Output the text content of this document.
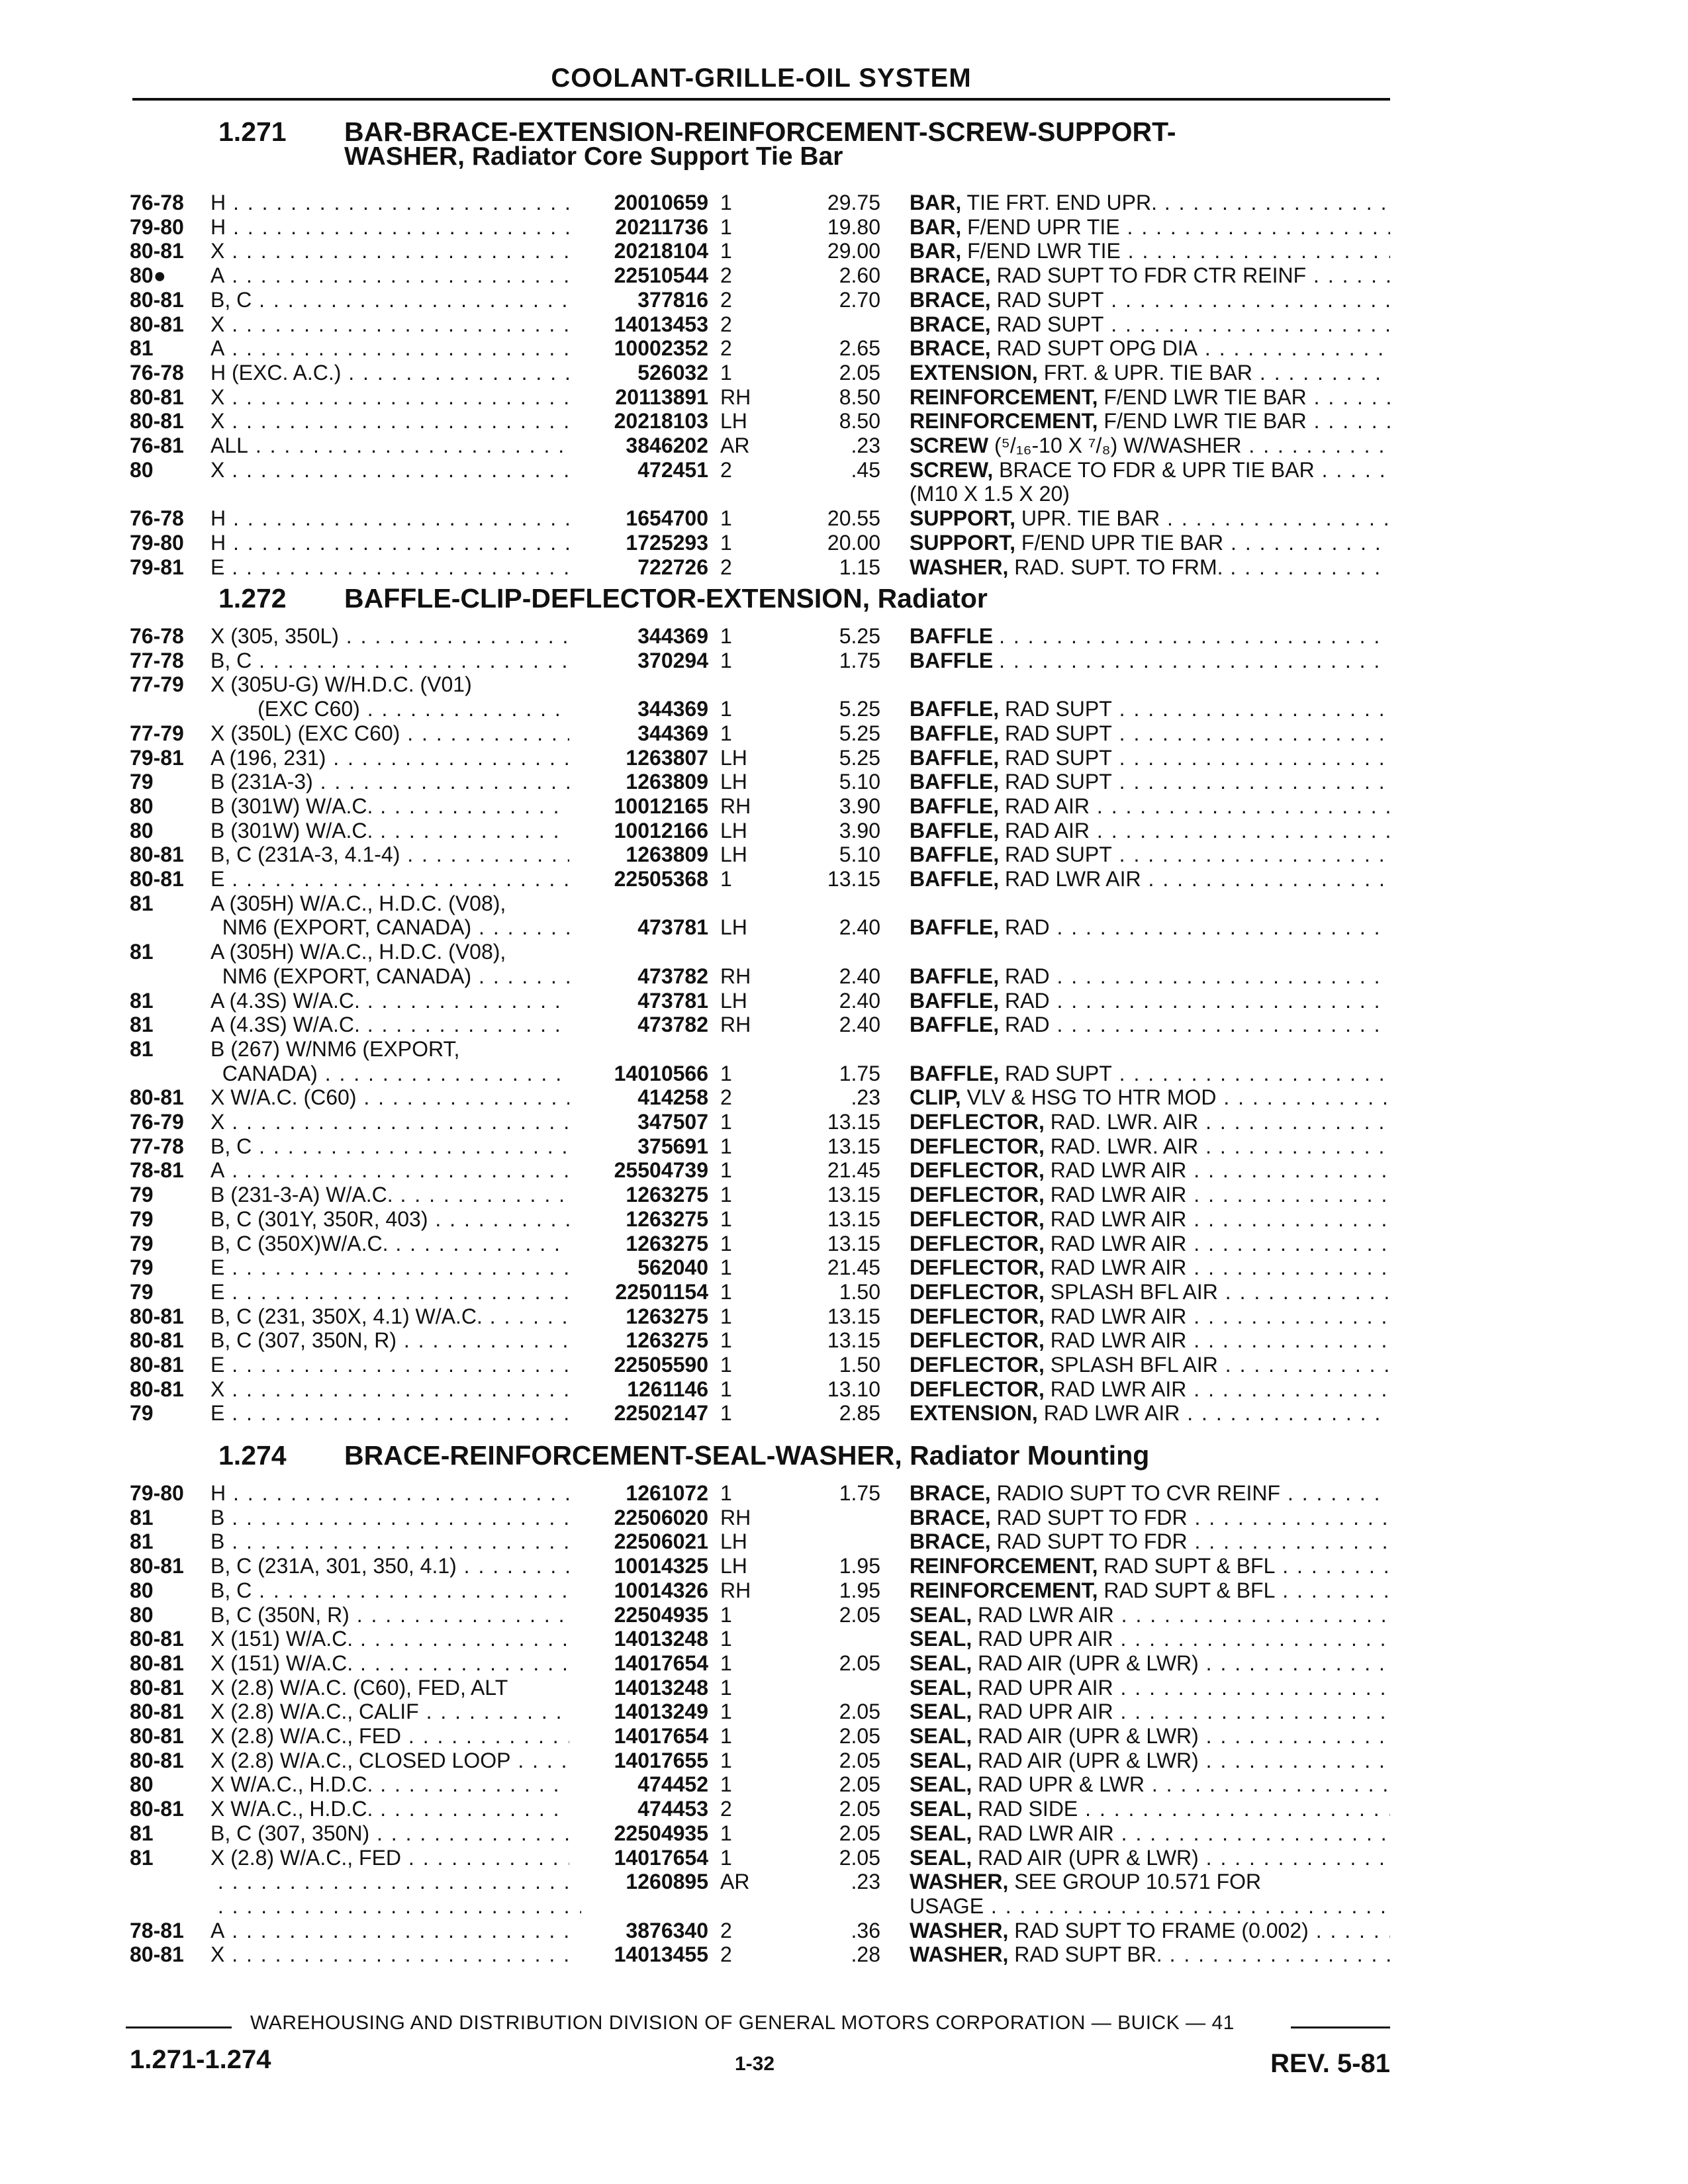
COOLANT-GRILLE-OIL SYSTEM
1.271 BAR-BRACE-EXTENSION-REINFORCEMENT-SCREW-SUPPORT-
WASHER, Radiator Core Support Tie Bar
76-78	H . . .	20010659 1	29.75 BAR, TIE FRT. END UPR. . . .
79-80	H . . .	20211736 1	19.80 BAR, F/END UPR TIE . . .
80-81	X . . .	20218104 1	29.00 BAR, F/END LWR TIE . . .
80●	A . . .	22510544 2	2.60 BRACE, RAD SUPT TO FDR CTR REINF . . .
80-81	B, C . . .	377816 2	2.70 BRACE, RAD SUPT . . .
80-81	X . . .	14013453 2	BRACE, RAD SUPT . . .
81	A . . .	10002352 2	2.65 BRACE, RAD SUPT OPG DIA . . .
76-78	H (EXC. A.C.) . . .	526032 1	2.05 EXTENSION, FRT. & UPR. TIE BAR . . .
80-81	X . . .	20113891 RH	8.50 REINFORCEMENT, F/END LWR TIE BAR . . .
80-81	X . . .	20218103 LH	8.50 REINFORCEMENT, F/END LWR TIE BAR . . .
76-81	ALL . . .	3846202 AR	.23 SCREW (⁵/₁₆-10 X ⁷/₈) W/WASHER . . .
80	X . . .	472451 2	.45 SCREW, BRACE TO FDR & UPR TIE BAR . . .
(M10 X 1.5 X 20)
76-78	H . . .	1654700 1	20.55 SUPPORT, UPR. TIE BAR . . .
79-80	H . . .	1725293 1	20.00 SUPPORT, F/END UPR TIE BAR . . .
79-81	E . . .	722726 2	1.15 WASHER, RAD. SUPT. TO FRM. . . .
1.272 BAFFLE-CLIP-DEFLECTOR-EXTENSION, Radiator
76-78	X (305, 350L) . . .	344369 1	5.25 BAFFLE . . .
77-78	B, C . . .	370294 1	1.75 BAFFLE . . .
77-79	X (305U-G) W/H.D.C. (V01)
(EXC C60) . . .	344369 1	5.25 BAFFLE, RAD SUPT . . .
77-79	X (350L) (EXC C60) . . .	344369 1	5.25 BAFFLE, RAD SUPT . . .
79-81	A (196, 231) . . .	1263807 LH	5.25 BAFFLE, RAD SUPT . . .
79	B (231A-3) . . .	1263809 LH	5.10 BAFFLE, RAD SUPT . . .
80	B (301W) W/A.C. . . .	10012165 RH	3.90 BAFFLE, RAD AIR . . .
80	B (301W) W/A.C. . . .	10012166 LH	3.90 BAFFLE, RAD AIR . . .
80-81	B, C (231A-3, 4.1-4) . . .	1263809 LH	5.10 BAFFLE, RAD SUPT . . .
80-81	E . . .	22505368 1	13.15 BAFFLE, RAD LWR AIR . . .
81	A (305H) W/A.C., H.D.C. (V08),
NM6 (EXPORT, CANADA) . . .	473781 LH	2.40 BAFFLE, RAD . . .
81	A (305H) W/A.C., H.D.C. (V08),
NM6 (EXPORT, CANADA) . . .	473782 RH	2.40 BAFFLE, RAD . . .
81	A (4.3S) W/A.C. . . .	473781 LH	2.40 BAFFLE, RAD . . .
81	A (4.3S) W/A.C. . . .	473782 RH	2.40 BAFFLE, RAD . . .
81	B (267) W/NM6 (EXPORT,
CANADA) . . .	14010566 1	1.75 BAFFLE, RAD SUPT . . .
80-81	X W/A.C. (C60) . . .	414258 2	.23 CLIP, VLV & HSG TO HTR MOD . . .
76-79	X . . .	347507 1	13.15 DEFLECTOR, RAD. LWR. AIR . . .
77-78	B, C . . .	375691 1	13.15 DEFLECTOR, RAD. LWR. AIR . . .
78-81	A . . .	25504739 1	21.45 DEFLECTOR, RAD LWR AIR . . .
79	B (231-3-A) W/A.C. . . .	1263275 1	13.15 DEFLECTOR, RAD LWR AIR . . .
79	B, C (301Y, 350R, 403) . . .	1263275 1	13.15 DEFLECTOR, RAD LWR AIR . . .
79	B, C (350X)W/A.C. . . .	1263275 1	13.15 DEFLECTOR, RAD LWR AIR . . .
79	E . . .	562040 1	21.45 DEFLECTOR, RAD LWR AIR . . .
79	E . . .	22501154 1	1.50 DEFLECTOR, SPLASH BFL AIR . . .
80-81	B, C (231, 350X, 4.1) W/A.C. . . .	1263275 1	13.15 DEFLECTOR, RAD LWR AIR . . .
80-81	B, C (307, 350N, R) . . .	1263275 1	13.15 DEFLECTOR, RAD LWR AIR . . .
80-81	E . . .	22505590 1	1.50 DEFLECTOR, SPLASH BFL AIR . . .
80-81	X . . .	1261146 1	13.10 DEFLECTOR, RAD LWR AIR . . .
79	E . . .	22502147 1	2.85 EXTENSION, RAD LWR AIR . . .
1.274 BRACE-REINFORCEMENT-SEAL-WASHER, Radiator Mounting
79-80	H . . .	1261072 1	1.75 BRACE, RADIO SUPT TO CVR REINF . . .
81	B . . .	22506020 RH	BRACE, RAD SUPT TO FDR . . .
81	B . . .	22506021 LH	BRACE, RAD SUPT TO FDR . . .
80-81	B, C (231A, 301, 350, 4.1) . . .	10014325 LH	1.95 REINFORCEMENT, RAD SUPT & BFL . . .
80	B, C . . .	10014326 RH	1.95 REINFORCEMENT, RAD SUPT & BFL . . .
80	B, C (350N, R) . . .	22504935 1	2.05 SEAL, RAD LWR AIR . . .
80-81	X (151) W/A.C. . . .	14013248 1	SEAL, RAD UPR AIR . . .
80-81	X (151) W/A.C. . . .	14017654 1	2.05 SEAL, RAD AIR (UPR & LWR) . . .
80-81	X (2.8) W/A.C. (C60), FED, ALT	14013248 1	SEAL, RAD UPR AIR . . .
80-81	X (2.8) W/A.C., CALIF . . .	14013249 1	2.05 SEAL, RAD UPR AIR . . .
80-81	X (2.8) W/A.C., FED . . .	14017654 1	2.05 SEAL, RAD AIR (UPR & LWR) . . .
80-81	X (2.8) W/A.C., CLOSED LOOP . . .	14017655 1	2.05 SEAL, RAD AIR (UPR & LWR) . . .
80	X W/A.C., H.D.C. . . .	474452 1	2.05 SEAL, RAD UPR & LWR . . .
80-81	X W/A.C., H.D.C. . . .	474453 2	2.05 SEAL, RAD SIDE . . .
81	B, C (307, 350N) . . .	22504935 1	2.05 SEAL, RAD LWR AIR . . .
81	X (2.8) W/A.C., FED . . .	14017654 1	2.05 SEAL, RAD AIR (UPR & LWR) . . .
. . .
1260895 AR	.23 WASHER, SEE GROUP 10.571 FOR
. . .
USAGE . . .
78-81	A . . .	3876340 2	.36 WASHER, RAD SUPT TO FRAME (0.002) . . .
80-81	X . . .	14013455 2	.28 WASHER, RAD SUPT BR. . . .
WAREHOUSING AND DISTRIBUTION DIVISION OF GENERAL MOTORS CORPORATION — BUICK — 41
1.271-1.274	1-32	REV. 5-81
